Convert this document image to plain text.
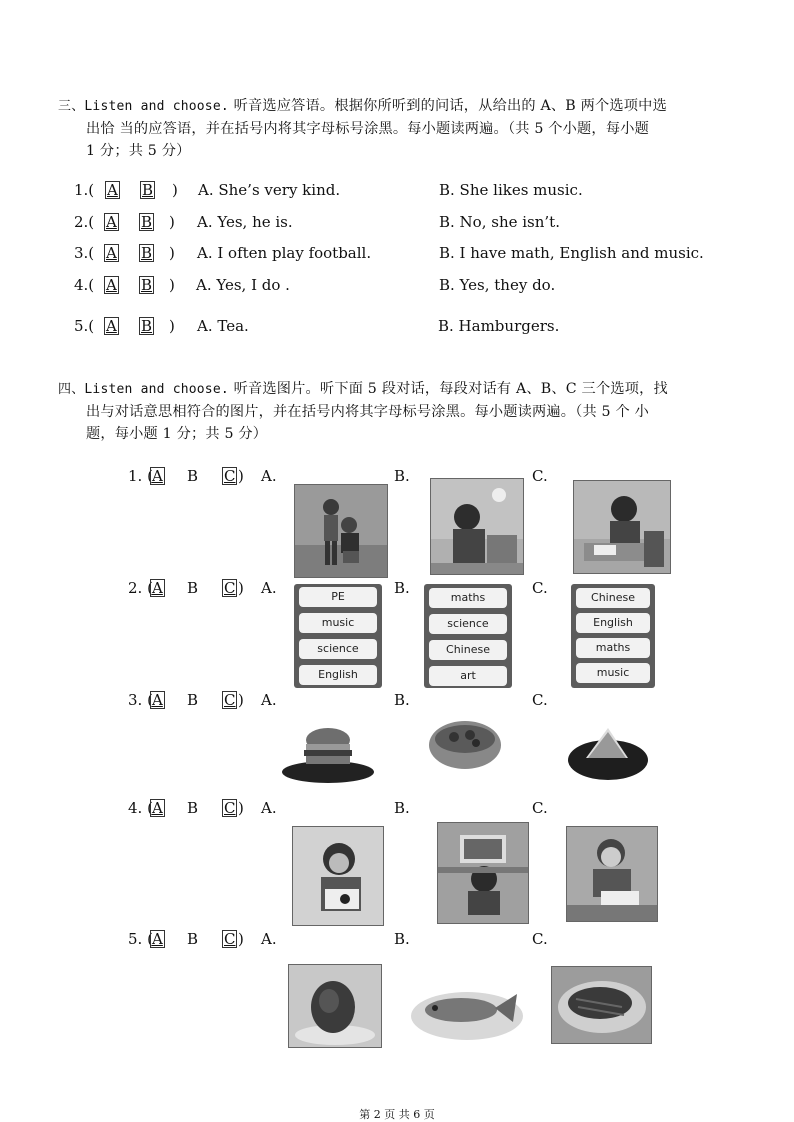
三、Listen and choose. 听音选应答语。根据你所听到的问话，从给出的 A、B 两个选项中选
出恰 当的应答语，并在括号内将其字母标号涂黑。每小题读两遍。（共 5 个小题，每小题
1 分；共 5 分）
1.( A B ) A. She’s very kind.	B. She likes music.
2.( A B ) A. Yes, he is.	B. No, she isn’t.
3.( A B ) A. I often play football.	B. I have math, English and music.
4.( A B ) A. Yes, I do .	B. Yes, they do.
5.( A B ) A. Tea.	B. Hamburgers.
四、Listen and choose. 听音选图片。听下面 5 段对话，每段对话有 A、B、C 三个选项，找
出与对话意思相符合的图片，并在括号内将其字母标号涂黑。每小题读两遍。（共 5 个 小
题，每小题 1 分；共 5 分）
1. ( A B C ) A.	B.	C.
2. ( A B C ) A.	B.	C.
3. ( A B C ) A.	B.	C.
4. ( A B C ) A.	B.	C.
5. ( A B C ) A.	B.	C.
PE
music
science
English
maths
science
Chinese
art
Chinese
English
maths
music
第 2 页 共 6 页
